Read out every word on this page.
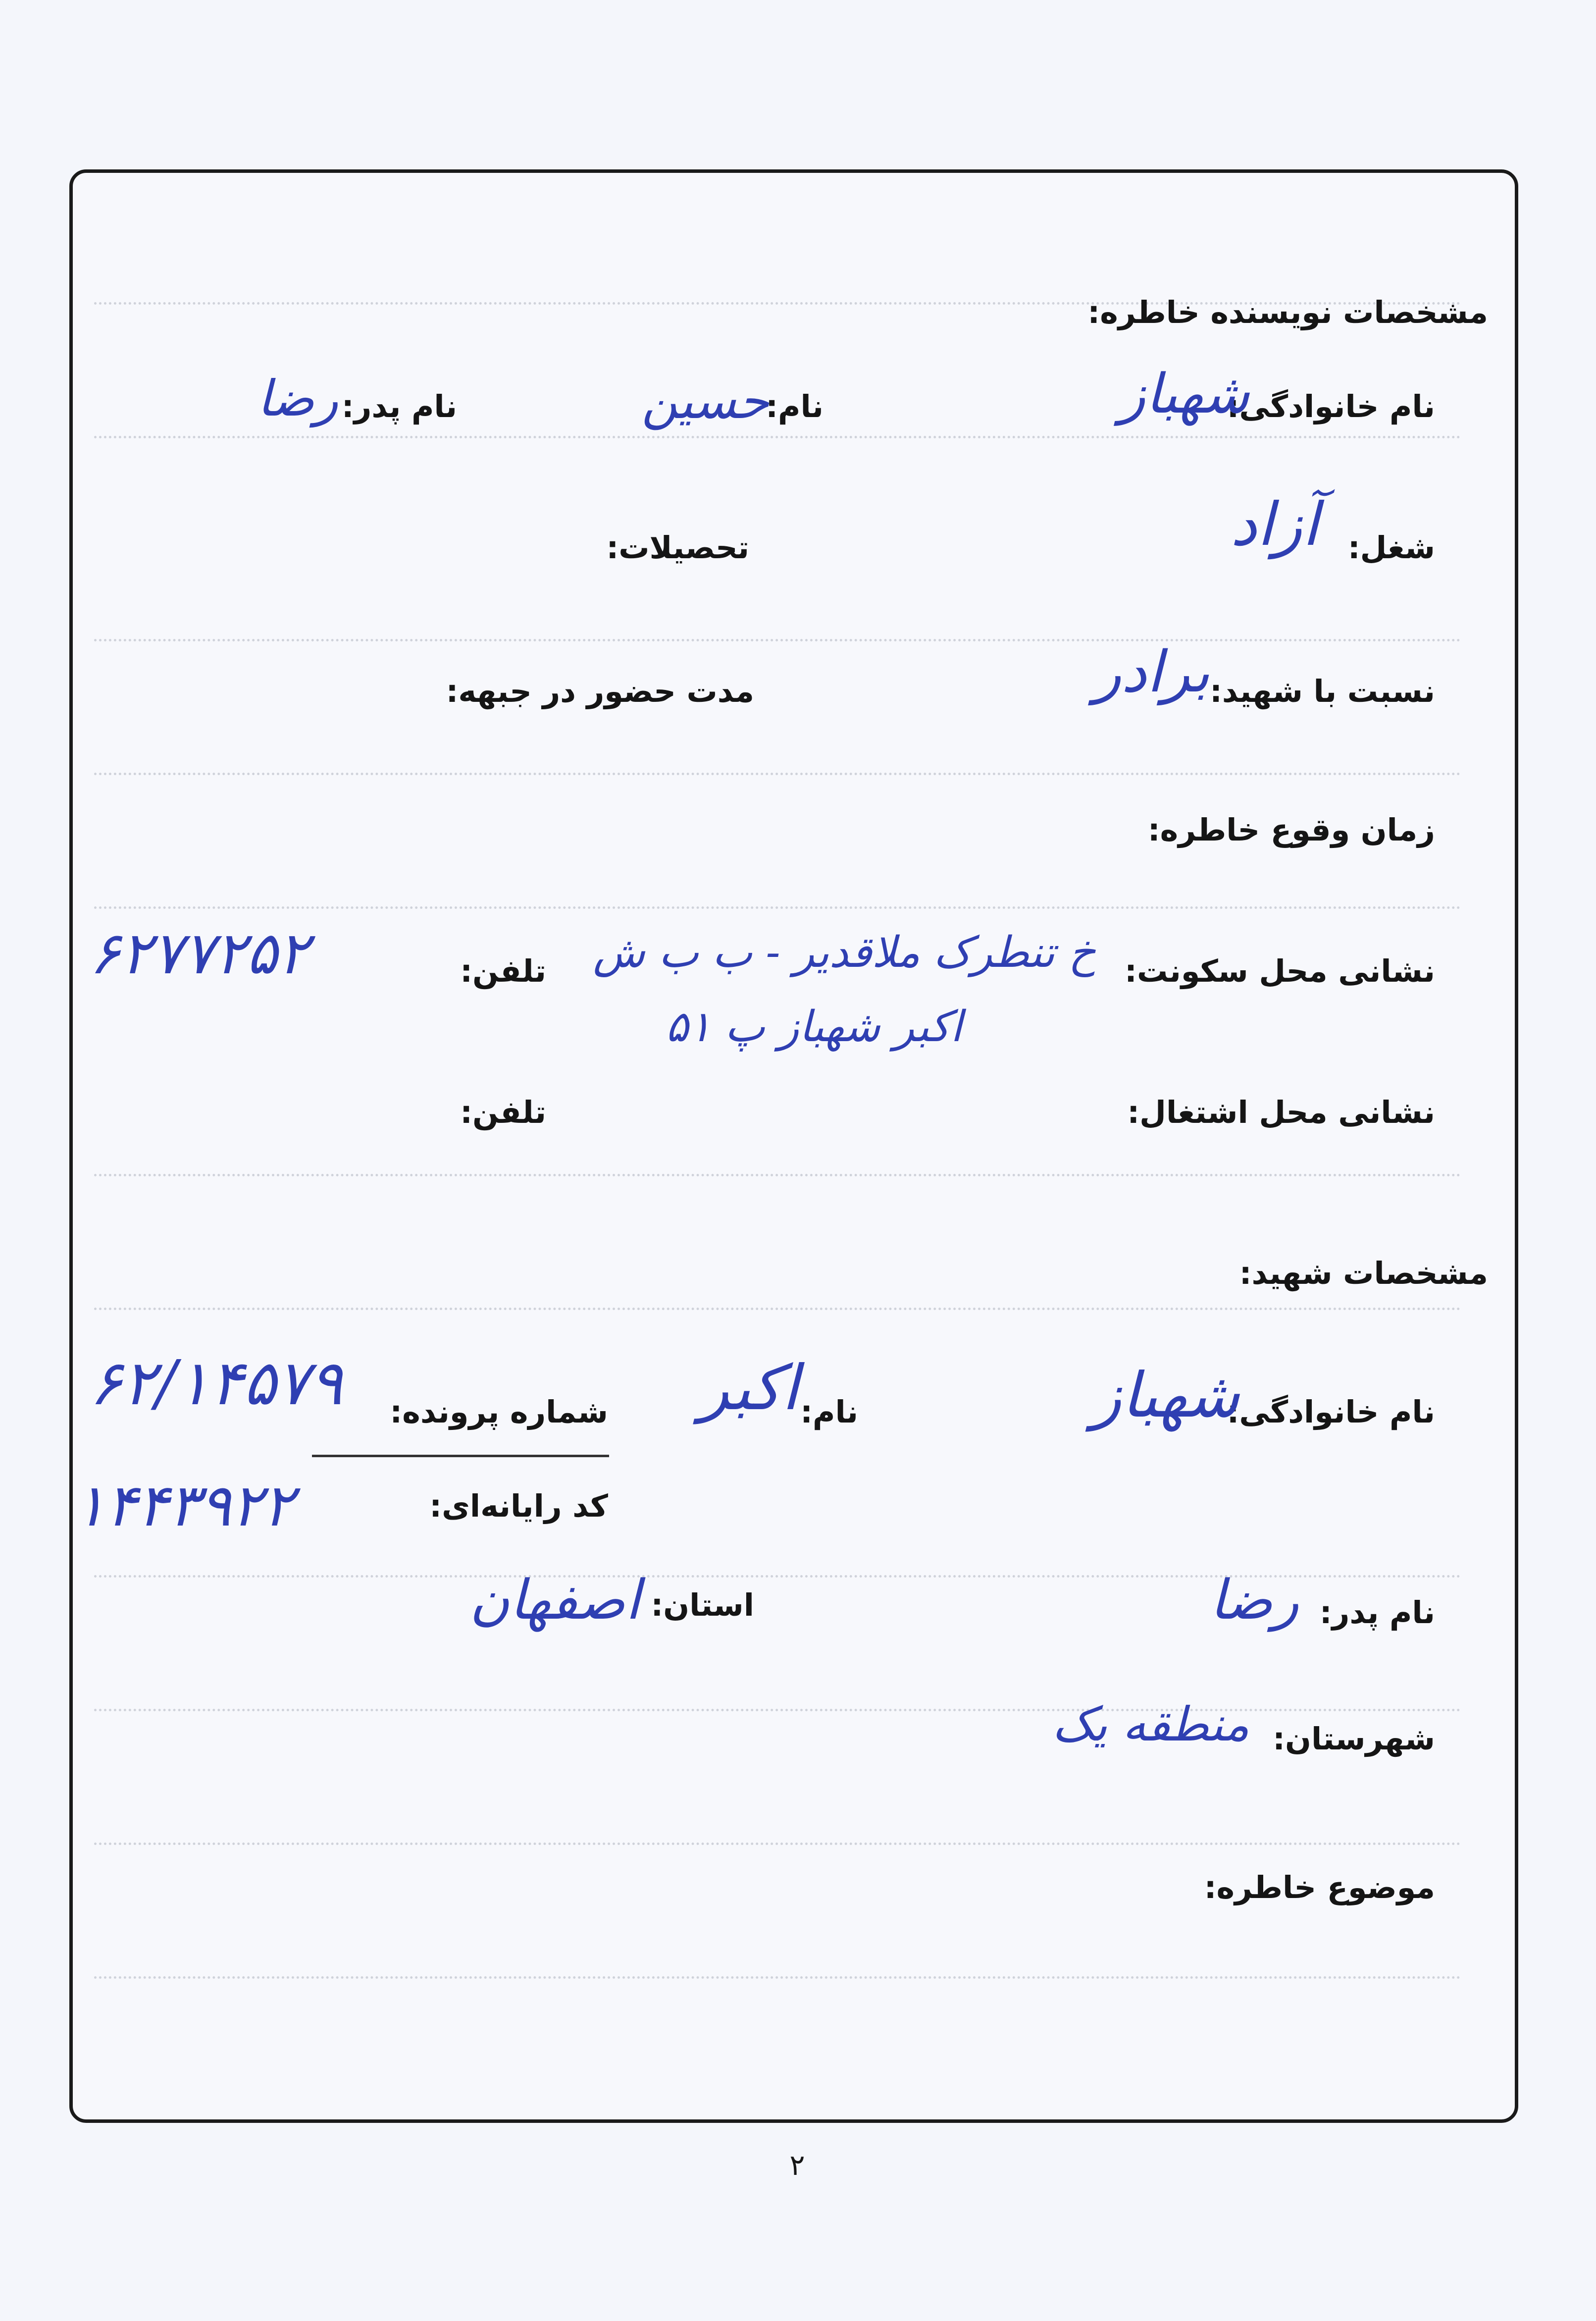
مشخصات نویسنده خاطره:
نام خانوادگی:
شهباز
نام:
حسین
نام پدر:
رضا
شغل:
آزاد
تحصیلات:
نسبت با شهید:
برادر
مدت حضور در جبهه:
زمان وقوع خاطره:
نشانی محل سکونت:
خ تنطرک ملاقدیر - ب ب ش
اکبر شهباز پ ۵۱
تلفن:
۶۲۷۷۲۵۲
نشانی محل اشتغال:
تلفن:
مشخصات شهید:
نام خانوادگی:
شهباز
نام:
اکبر
شماره پرونده:
۶۲/۱۴۵۷۹
کد رایانه‌ای:
۱۴۴۳۹۲۲
نام پدر:
رضا
استان:
اصفهان
شهرستان:
منطقه یک
موضوع خاطره:
۲
